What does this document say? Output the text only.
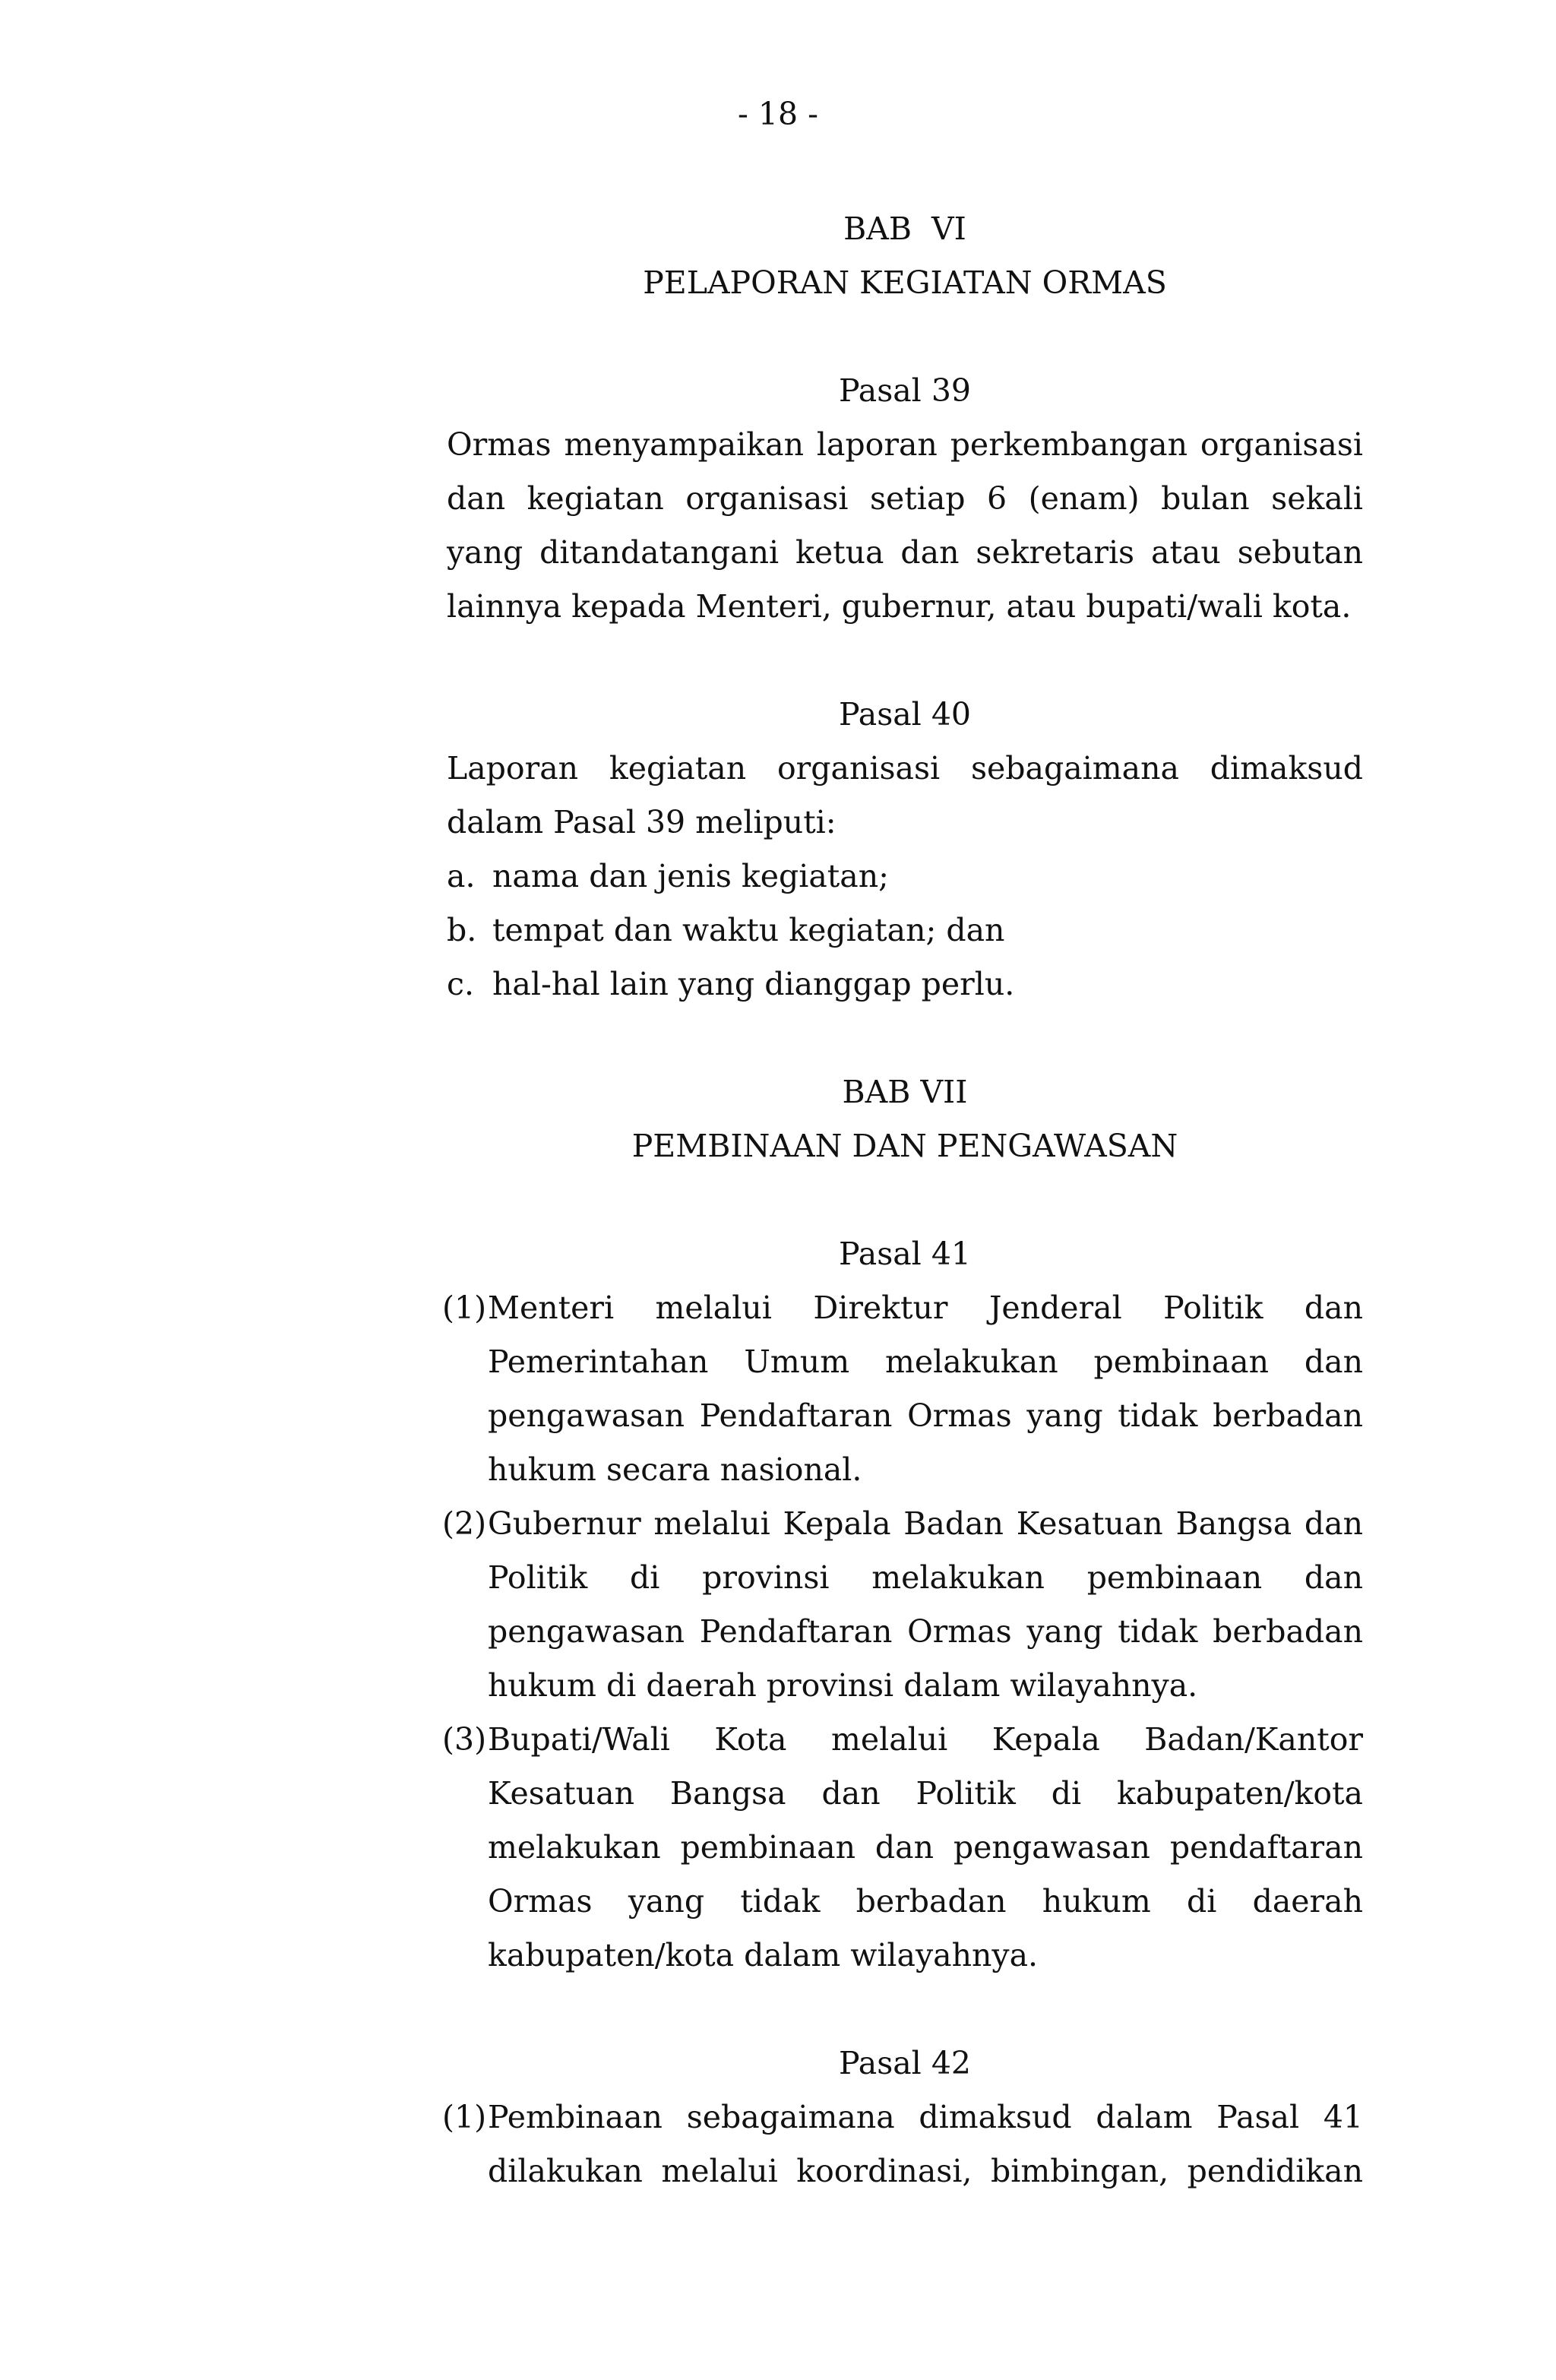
- 18 -
BAB  VI
PELAPORAN KEGIATAN ORMAS
Pasal 39

Ormas menyampaikan laporan perkembangan organisasi dan kegiatan organisasi setiap 6 (enam) bulan sekali yang ditandatangani ketua dan sekretaris atau sebutan lainnya kepada Menteri, gubernur, atau bupati/wali kota.

Pasal 40

Laporan kegiatan organisasi sebagaimana dimaksud dalam Pasal 39 meliputi:

a. nama dan jenis kegiatan;
b. tempat dan waktu kegiatan; dan
c. hal-hal lain yang dianggap perlu.
BAB VII
PEMBINAAN DAN PENGAWASAN
Pasal 41
(1) Menteri melalui Direktur Jenderal Politik dan Pemerintahan Umum melakukan pembinaan dan pengawasan Pendaftaran Ormas yang tidak berbadan hukum secara nasional.
(2) Gubernur melalui Kepala Badan Kesatuan Bangsa dan Politik di provinsi melakukan pembinaan dan pengawasan Pendaftaran Ormas yang tidak berbadan hukum di daerah provinsi dalam wilayahnya.
(3) Bupati/Wali Kota melalui Kepala Badan/Kantor Kesatuan Bangsa dan Politik di kabupaten/kota melakukan pembinaan dan pengawasan pendaftaran Ormas yang tidak berbadan hukum di daerah kabupaten/kota dalam wilayahnya.
Pasal 42
(1) Pembinaan sebagaimana dimaksud dalam Pasal 41 dilakukan melalui koordinasi, bimbingan, pendidikan
